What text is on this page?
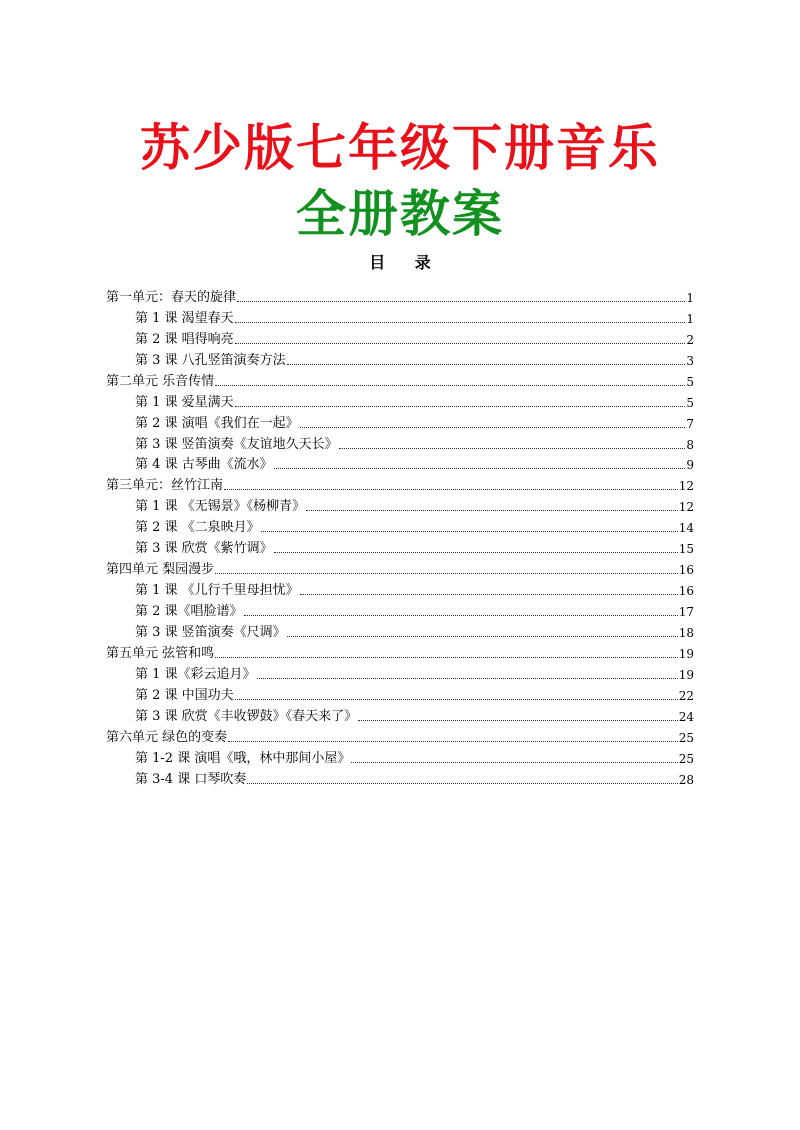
苏少版七年级下册音乐
全册教案
目 录
第一单元：春天的旋律	1
第 1 课 渴望春天	1
第 2 课 唱得响亮	2
第 3 课 八孔竖笛演奏方法	3
第二单元 乐音传情	5
第 1 课 爱星满天	5
第 2 课 演唱《我们在一起》	7
第 3 课 竖笛演奏《友谊地久天长》	8
第 4 课 古琴曲《流水》	9
第三单元：丝竹江南	12
第 1 课 《无锡景》《杨柳青》	12
第 2 课 《二泉映月》	14
第 3 课 欣赏《紫竹调》	15
第四单元 梨园漫步	16
第 1 课 《儿行千里母担忧》	16
第 2 课《唱脸谱》	17
第 3 课 竖笛演奏《尺调》	18
第五单元 弦管和鸣	19
第 1 课《彩云追月》	19
第 2 课 中国功夫	22
第 3 课 欣赏《丰收锣鼓》《春天来了》	24
第六单元 绿色的变奏	25
第 1-2 课 演唱《哦，林中那间小屋》	25
第 3-4 课 口琴吹奏	28
